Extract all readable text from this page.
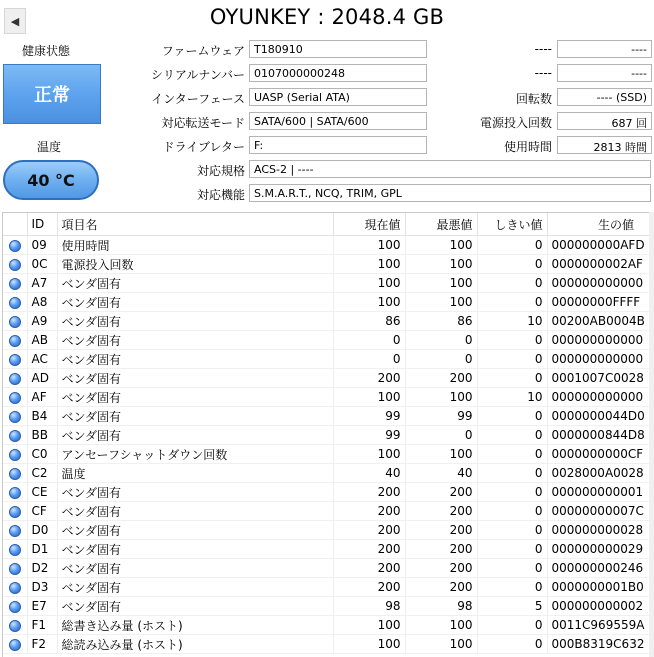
◀	OYUNKEY : 2048.4 GB
健康状態
正常
温度
40 °C
ファームウェア T180910
シリアルナンバー 0107000000248
インターフェース UASP (Serial ATA)
対応転送モード SATA/600 | SATA/600
ドライブレター F:
対応規格 ACS-2 | ----
対応機能 S.M.A.R.T., NCQ, TRIM, GPL
----	----
----	----
回転数	---- (SSD)
電源投入回数	687 回
使用時間	2813 時間
	ID	項目名	現在値	最悪値	しきい値	生の値
	09	使用時間	100	100	0	000000000AFD
	0C	電源投入回数	100	100	0	0000000002AF
	A7	ベンダ固有	100	100	0	000000000000
	A8	ベンダ固有	100	100	0	00000000FFFF
	A9	ベンダ固有	86	86	10	00200AB0004B
	AB	ベンダ固有	0	0	0	000000000000
	AC	ベンダ固有	0	0	0	000000000000
	AD	ベンダ固有	200	200	0	0001007C0028
	AF	ベンダ固有	100	100	10	000000000000
	B4	ベンダ固有	99	99	0	0000000044D0
	BB	ベンダ固有	99	0	0	0000000844D8
	C0	アンセーフシャットダウン回数	100	100	0	0000000000CF
	C2	温度	40	40	0	0028000A0028
	CE	ベンダ固有	200	200	0	000000000001
	CF	ベンダ固有	200	200	0	00000000007C
	D0	ベンダ固有	200	200	0	000000000028
	D1	ベンダ固有	200	200	0	000000000029
	D2	ベンダ固有	200	200	0	000000000246
	D3	ベンダ固有	200	200	0	0000000001B0
	E7	ベンダ固有	98	98	5	000000000002
	F1	総書き込み量 (ホスト)	100	100	0	0011C969559A
	F2	総読み込み量 (ホスト)	100	100	0	000B8319C632
